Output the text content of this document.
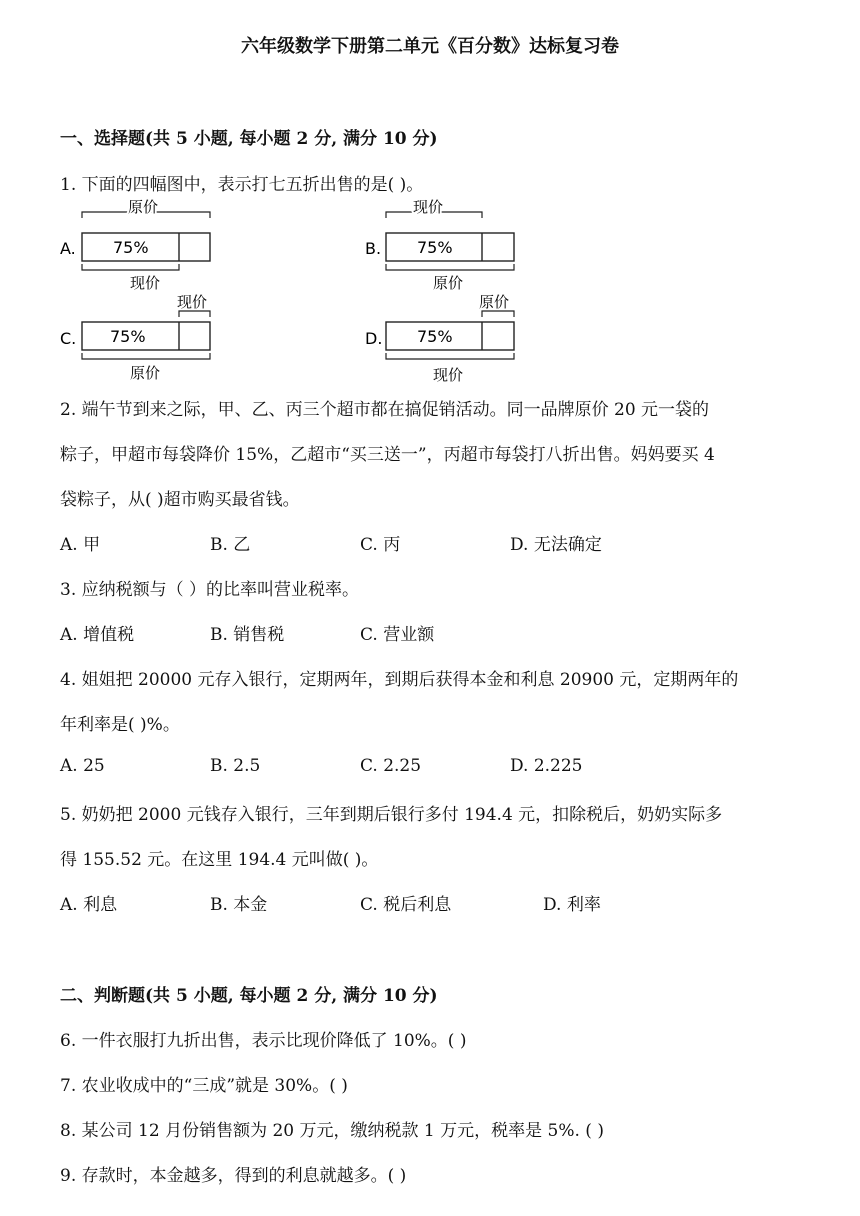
六年级数学下册第二单元《百分数》达标复习卷
一、选择题(共 5 小题, 每小题 2 分, 满分 10 分)
1. 下面的四幅图中，表示打七五折出售的是( )。
A.
原价
75%
现价
B.
现价
75%
原价
C.
现价
75%
原价
D.
原价
75%
现价
2. 端午节到来之际，甲、乙、丙三个超市都在搞促销活动。同一品牌原价 20 元一袋的
粽子，甲超市每袋降价 15%，乙超市“买三送一”，丙超市每袋打八折出售。妈妈要买 4
袋粽子，从( )超市购买最省钱。
A. 甲	B. 乙	C. 丙	D. 无法确定
3. 应纳税额与（ ）的比率叫营业税率。
A. 增值税	B. 销售税	C. 营业额
4. 姐姐把 20000 元存入银行，定期两年，到期后获得本金和利息 20900 元，定期两年的
年利率是( )%。
A. 25	B. 2.5	C. 2.25	D. 2.225
5. 奶奶把 2000 元钱存入银行，三年到期后银行多付 194.4 元，扣除税后，奶奶实际多
得 155.52 元。在这里 194.4 元叫做( )。
A. 利息	B. 本金	C. 税后利息	D. 利率
二、判断题(共 5 小题, 每小题 2 分, 满分 10 分)
6. 一件衣服打九折出售，表示比现价降低了 10%。( )
7. 农业收成中的“三成”就是 30%。( )
8. 某公司 12 月份销售额为 20 万元，缴纳税款 1 万元，税率是 5%. ( )
9. 存款时，本金越多，得到的利息就越多。( )
